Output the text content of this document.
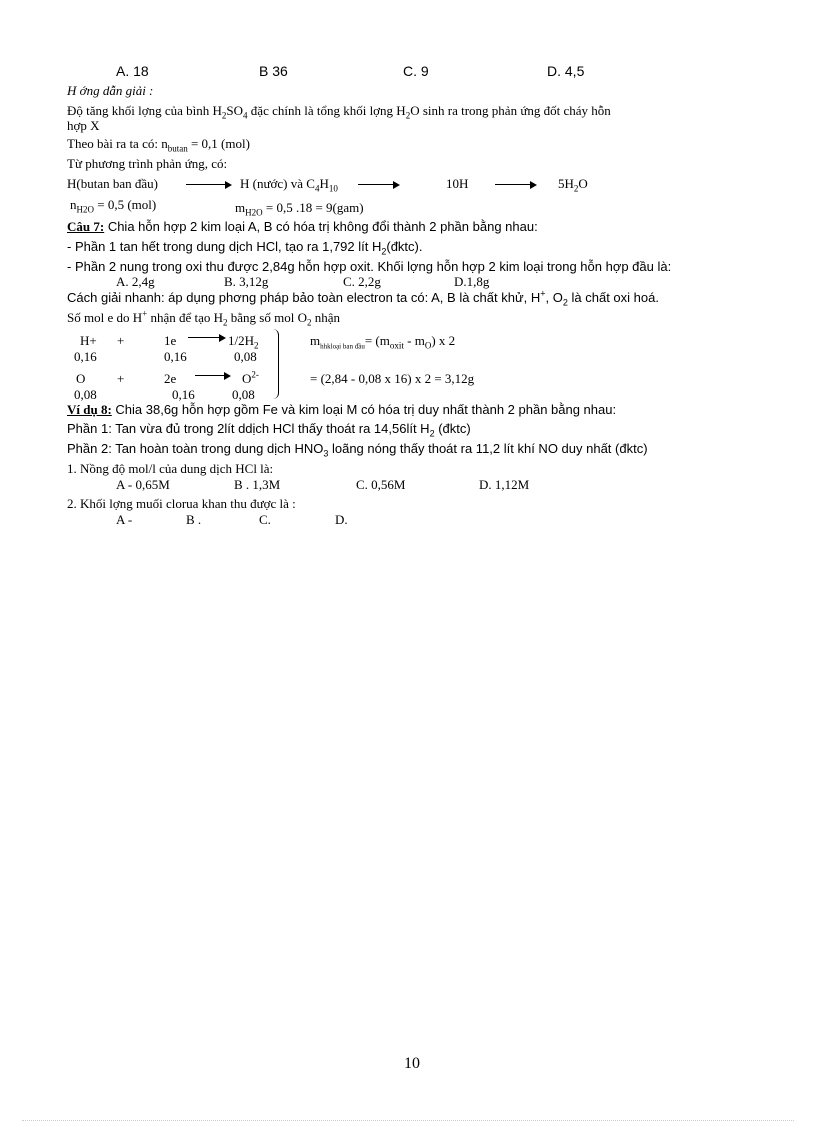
A. 18	B 36	C. 9	D. 4,5
H ớng dẫn giải :
Độ tăng khối lợng của bình $H_2SO_4$ đặc chính là tổng khối lợng $H_2O$ sinh ra trong phản ứng đốt cháy hỗn
hợp X
Theo bài ra ta có: $n_{butan} = 0,1$ (mol)
Từ phương trình phản ứng, có:
H(butan ban đầu)	H (nước) và $C_4H_{10}$	10H	$5H_2O$
$n_{H2O} = 0,5$ (mol)	$m_{H2O} = 0,5$ .18 = 9(gam)
Câu 7: Chia hỗn hợp 2 kim loại A, B có hóa trị không đổi thành 2 phần bằng nhau:
- Phần 1 tan hết trong dung dịch HCl, tạo ra 1,792 lít $H_2(đktc)$.
- Phần 2 nung trong oxi thu được 2,84g hỗn hợp oxit. Khối lợng hỗn hợp 2 kim loại trong hỗn hợp đầu là:
A. 2,4g	B. 3,12g	C. 2,2g	D.1,8g
Cách giải nhanh: áp dụng phơng pháp bảo toàn electron ta có: A, B là chất khử, H+, $O_2$ là chất oxi hoá.
Số mol e do H+ nhận để tạo $H_2$ bằng số mol $O_2$ nhận
H+ +	1e	$1/2H_2$
0,16	0,16	0,08
O +	2e	$O^{2-}$
0,08	0,16	0,08
$m_{hhkloại ban đầu}= (m_{oxit} - m_O)$ x 2
= (2,84 - 0,08 x 16) x 2 = 3,12g
Ví dụ 8: Chia 38,6g hỗn hợp gồm Fe và kim loại M có hóa trị duy nhất thành 2 phần bằng nhau:
Phần 1: Tan vừa đủ trong 2lít ddịch HCl thấy thoát ra 14,56lít $H_2$ (đktc)
Phần 2: Tan hoàn toàn trong dung dịch $HNO_3$ loãng nóng thấy thoát ra 11,2 lít khí NO duy nhất (đktc)
1. Nồng độ mol/l của dung dịch HCl là:
A - 0,65M	B . 1,3M	C. 0,56M	D. 1,12M
2. Khối lợng muối clorua khan thu được là :
A -	B .	C.	D.
10
